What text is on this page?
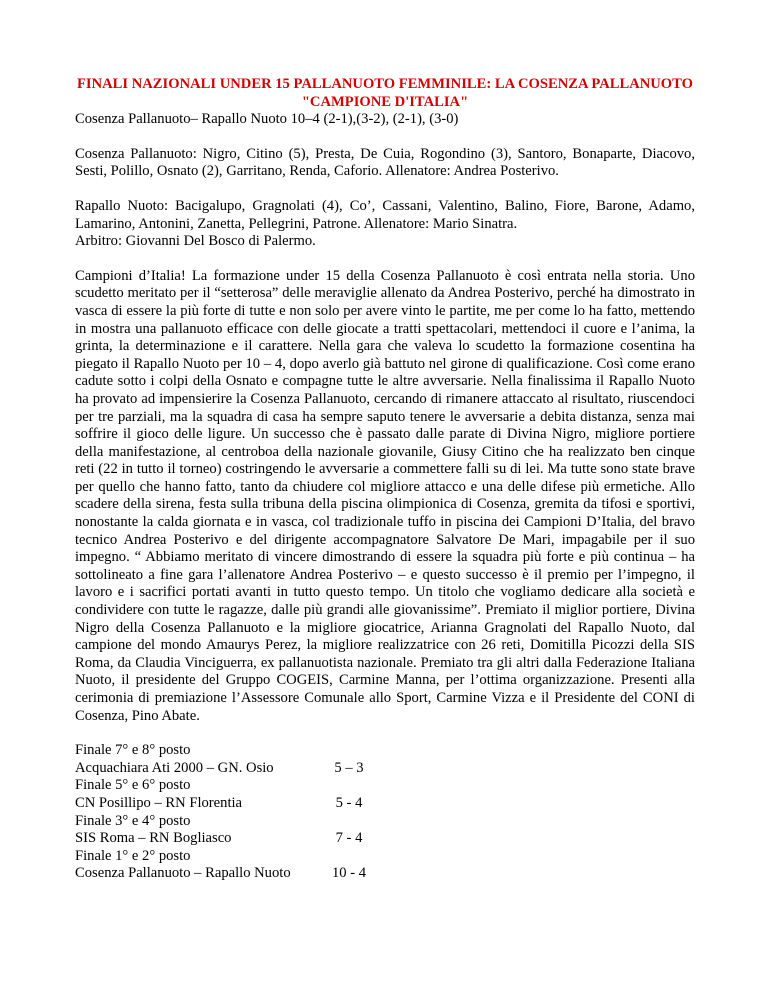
FINALI NAZIONALI UNDER 15 PALLANUOTO FEMMINILE: LA COSENZA PALLANUOTO "CAMPIONE D'ITALIA"

Cosenza Pallanuoto– Rapallo Nuoto 10–4 (2-1),(3-2), (2-1), (3-0)

Cosenza Pallanuoto: Nigro, Citino (5), Presta, De Cuia, Rogondino (3), Santoro, Bonaparte, Diacovo, Sesti, Polillo, Osnato (2), Garritano, Renda, Caforio. Allenatore: Andrea Posterivo.

Rapallo Nuoto: Bacigalupo, Gragnolati (4), Co’, Cassani, Valentino, Balino, Fiore, Barone, Adamo, Lamarino, Antonini, Zanetta, Pellegrini, Patrone. Allenatore: Mario Sinatra.

Arbitro: Giovanni Del Bosco di Palermo.

Campioni d’Italia! La formazione under 15 della Cosenza Pallanuoto è così entrata nella storia. Uno scudetto meritato per il “setterosa” delle meraviglie allenato da Andrea Posterivo, perché ha dimostrato in vasca di essere la più forte di tutte e non solo per avere vinto le partite, me per come lo ha fatto, mettendo in mostra una pallanuoto efficace con delle giocate a tratti spettacolari, mettendoci il cuore e l’anima, la grinta, la determinazione e il carattere. Nella gara che valeva lo scudetto la formazione cosentina ha piegato il Rapallo Nuoto per 10 – 4, dopo averlo già battuto nel girone di qualificazione. Così come erano cadute sotto i colpi della Osnato e compagne tutte le altre avversarie. Nella finalissima il Rapallo Nuoto ha provato ad impensierire la Cosenza Pallanuoto, cercando di rimanere attaccato al risultato, riuscendoci per tre parziali, ma la squadra di casa ha sempre saputo tenere le avversarie a debita distanza, senza mai soffrire il gioco delle ligure. Un successo che è passato dalle parate di Divina Nigro, migliore portiere della manifestazione, al centroboa della nazionale giovanile, Giusy Citino che ha realizzato ben cinque reti (22 in tutto il torneo) costringendo le avversarie a commettere falli su di lei. Ma tutte sono state brave per quello che hanno fatto, tanto da chiudere col migliore attacco e una delle difese più ermetiche. Allo scadere della sirena, festa sulla tribuna della piscina olimpionica di Cosenza, gremita da tifosi e sportivi, nonostante la calda giornata e in vasca, col tradizionale tuffo in piscina dei Campioni D’Italia, del bravo tecnico Andrea Posterivo e del dirigente accompagnatore Salvatore De Mari, impagabile per il suo impegno. “ Abbiamo meritato di vincere dimostrando di essere la squadra più forte e più continua – ha sottolineato a fine gara l’allenatore Andrea Posterivo – e questo successo è il premio per l’impegno, il lavoro e i sacrifici portati avanti in tutto questo tempo. Un titolo che vogliamo dedicare alla società e condividere con tutte le ragazze, dalle più grandi alle giovanissime”. Premiato il miglior portiere, Divina Nigro della Cosenza Pallanuoto e la migliore giocatrice, Arianna Gragnolati del Rapallo Nuoto, dal campione del mondo Amaurys Perez, la migliore realizzatrice con 26 reti, Domitilla Picozzi della SIS Roma, da Claudia Vinciguerra, ex pallanuotista nazionale. Premiato tra gli altri dalla Federazione Italiana Nuoto, il presidente del Gruppo COGEIS, Carmine Manna, per l’ottima organizzazione. Presenti alla cerimonia di premiazione l’Assessore Comunale allo Sport, Carmine Vizza e il Presidente del CONI di Cosenza, Pino Abate.

Finale 7° e 8° posto
Acquachiara Ati 2000 – GN. Osio	5 – 3
Finale 5° e 6° posto
CN Posillipo – RN Florentia	5 - 4
Finale 3° e 4° posto
SIS Roma – RN Bogliasco	7 - 4
Finale 1° e 2° posto
Cosenza Pallanuoto – Rapallo Nuoto	10 - 4
